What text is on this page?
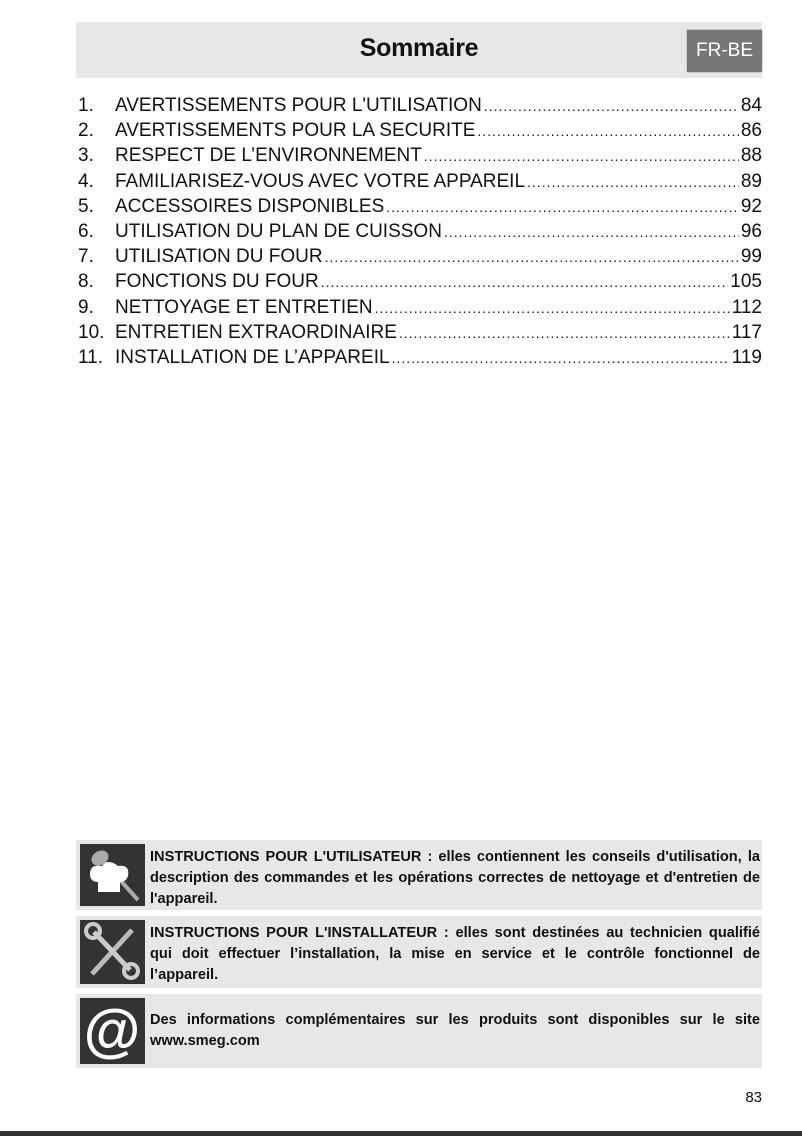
Sommaire	FR-BE
1.	AVERTISSEMENTS POUR L'UTILISATION .....	84
2.	AVERTISSEMENTS POUR LA SECURITE .....	86
3.	RESPECT DE L’ENVIRONNEMENT .....	88
4.	FAMILIARISEZ-VOUS AVEC VOTRE APPAREIL .....	89
5.	ACCESSOIRES DISPONIBLES .....	92
6.	UTILISATION DU PLAN DE CUISSON .....	96
7.	UTILISATION DU FOUR .....	99
8.	FONCTIONS DU FOUR .....	105
9.	NETTOYAGE ET ENTRETIEN .....	112
10. ENTRETIEN EXTRAORDINAIRE .....	117
11. INSTALLATION DE L’APPAREIL .....	119
INSTRUCTIONS POUR L'UTILISATEUR : elles contiennent les conseils d'utilisation, la description des commandes et les opérations correctes de nettoyage et d'entretien de l'appareil.
INSTRUCTIONS POUR L'INSTALLATEUR : elles sont destinées au technicien qualifié qui doit effectuer l’installation, la mise en service et le contrôle fonctionnel de l’appareil.
@ Des informations complémentaires sur les produits sont disponibles sur le site www.smeg.com
83
